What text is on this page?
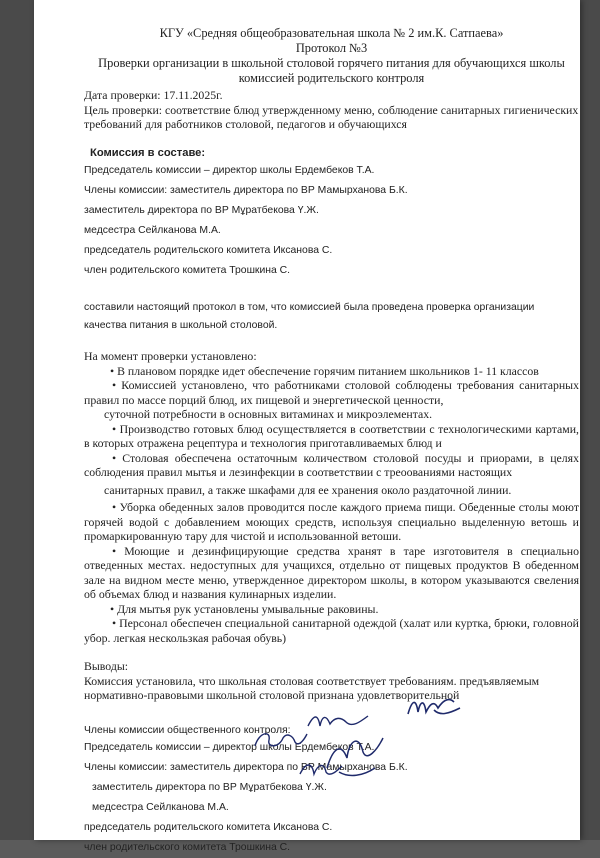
КГУ «Средняя общеобразовательная школа № 2 им.К. Сатпаева»

Протокол №3

Проверки организации в школьной столовой горячего питания для обучающихся школы комиссией родительского контроля

Дата проверки: 17.11.2025г.

Цель проверки: соответствие блюд утвержденному меню, соблюдение санитарных гигиенических требований для работников столовой, педагогов и обучающихся

Комиссия в составе:

Председатель комиссии – директор школы Ердембеков Т.А.

Члены комиссии: заместитель директора по ВР Мамырханова Б.К.

заместитель директора по ВР Мұратбекова Ү.Ж.

медсестра Сейлканова М.А.

председатель родительского комитета Иксанова С.

член родительского комитета Трошкина С.

составили настоящий протокол в том, что комиссией была проведена проверка организации качества питания в школьной столовой.

На момент проверки установлено:

• В плановом порядке идет обеспечение горячим питанием школьников 1- 11 классов

• Комиссией установлено, что работниками столовой соблюдены требования санитарных правил по массе порций блюд, их пищевой и энергетической ценности,

суточной потребности в основных витаминах и микроэлементах.

• Производство готовых блюд осуществляется в соответствии с технологическими картами, в которых отражена рецептура и технология приготавливаемых блюд и

• Столовая обеспечена остаточным количеством столовой посуды и приорами, в целях соблюдения правил мытья и лезинфекции в соответствии с треоованиями настоящих

санитарных правил, а также шкафами для ее хранения около раздаточной линии.

• Уборка обеденных залов проводится после каждого приема пищи. Обеденные столы моют горячей водой с добавлением моющих средств, используя специально выделенную ветошь и промаркированную тару для чистой и использованной ветоши.

• Моющие и дезинфицирующие средства хранят в таре изготовителя в специально отведенных местах. недоступных для учащихся, отдельно от пищевых продуктов В обеденном зале на видном месте меню, утвержденное директором школы, в котором указываются свеления об объемах блюд и названия кулинарных изделии.

• Для мытья рук установлены умывальные раковины.

• Персонал обеспечен специальной санитарной одеждой (халат или куртка, брюки, головной убор. легкая нескользкая рабочая обувь)

Выводы:

Комиссия установила, что школьная столовая соответствует требованиям. предъявляемым нормативно-правовыми школьной столовой признана удовлетворительной

Члены комиссии общественного контроля:

Председатель комиссии – директор школы Ердембеков Т.А.

Члены комиссии: заместитель директора по ВР Мамырханова Б.К.

заместитель директора по ВР Мұратбекова Ү.Ж.

медсестра Сейлканова М.А.

председатель родительского комитета Иксанова С.

член родительского комитета Трошкина С.
